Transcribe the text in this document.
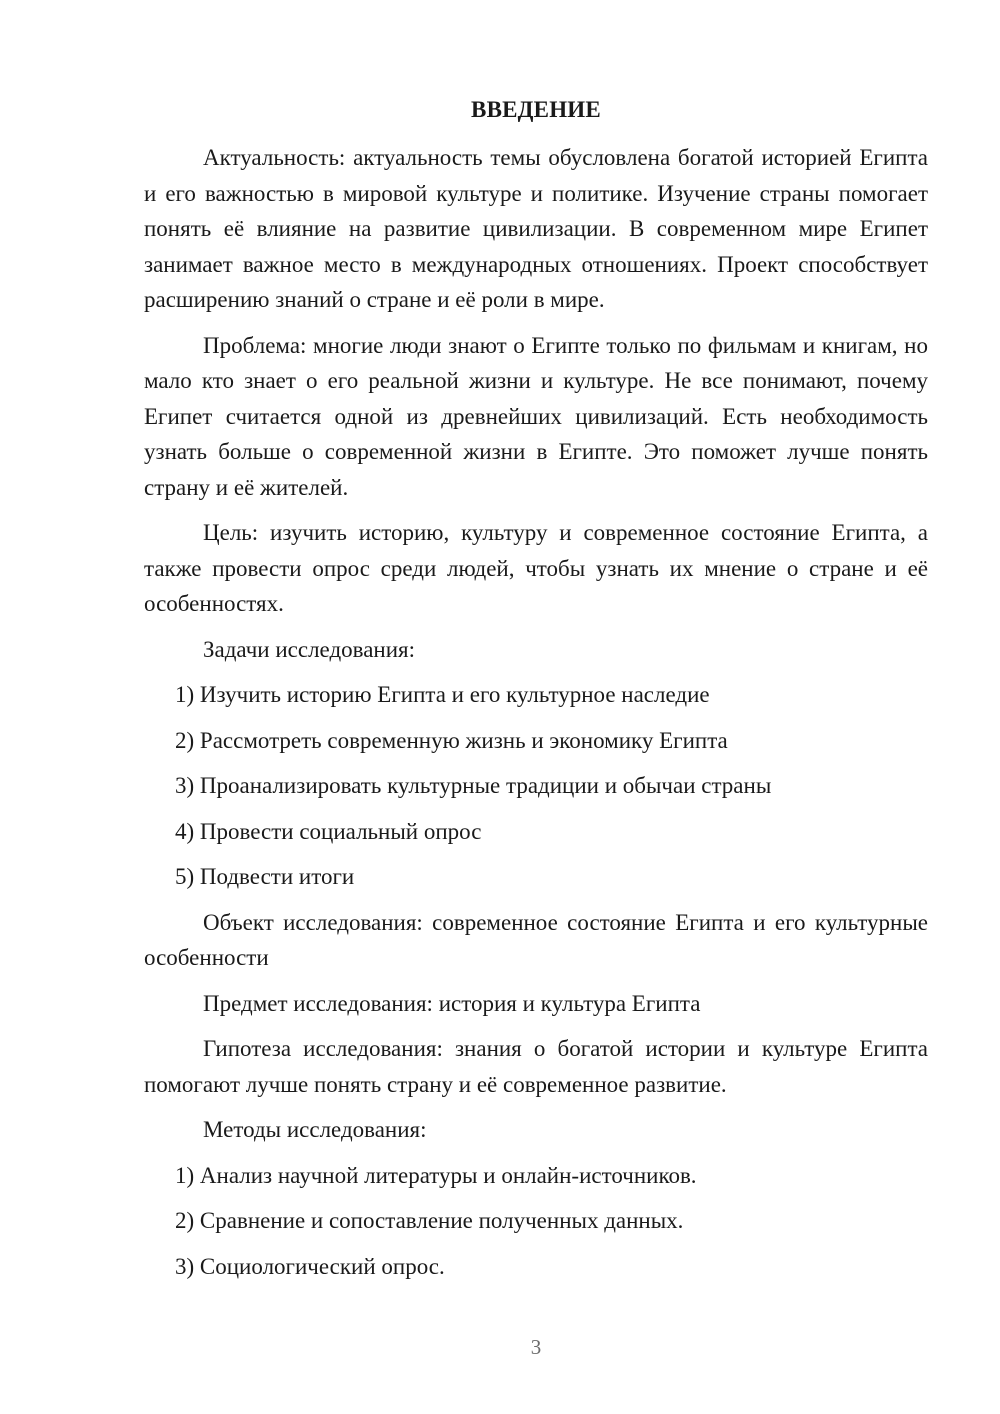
ВВЕДЕНИЕ

Актуальность: актуальность темы обусловлена богатой историей Египта и его важностью в мировой культуре и политике. Изучение страны помогает понять её влияние на развитие цивилизации. В современном мире Египет занимает важное место в международных отношениях. Проект способствует расширению знаний о стране и её роли в мире.

Проблема: многие люди знают о Египте только по фильмам и книгам, но мало кто знает о его реальной жизни и культуре. Не все понимают, почему Египет считается одной из древнейших цивилизаций. Есть необходимость узнать больше о современной жизни в Египте. Это поможет лучше понять страну и её жителей.

Цель: изучить историю, культуру и современное состояние Египта, а также провести опрос среди людей, чтобы узнать их мнение о стране и её особенностях.

Задачи исследования:

1) Изучить историю Египта и его культурное наследие

2) Рассмотреть современную жизнь и экономику Египта

3) Проанализировать культурные традиции и обычаи страны

4) Провести социальный опрос

5) Подвести итоги

Объект исследования: современное состояние Египта и его культурные особенности

Предмет исследования: история и культура Египта

Гипотеза исследования: знания о богатой истории и культуре Египта помогают лучше понять страну и её современное развитие.

Методы исследования:

1) Анализ научной литературы и онлайн-источников.

2) Сравнение и сопоставление полученных данных.

3) Социологический опрос.

3
